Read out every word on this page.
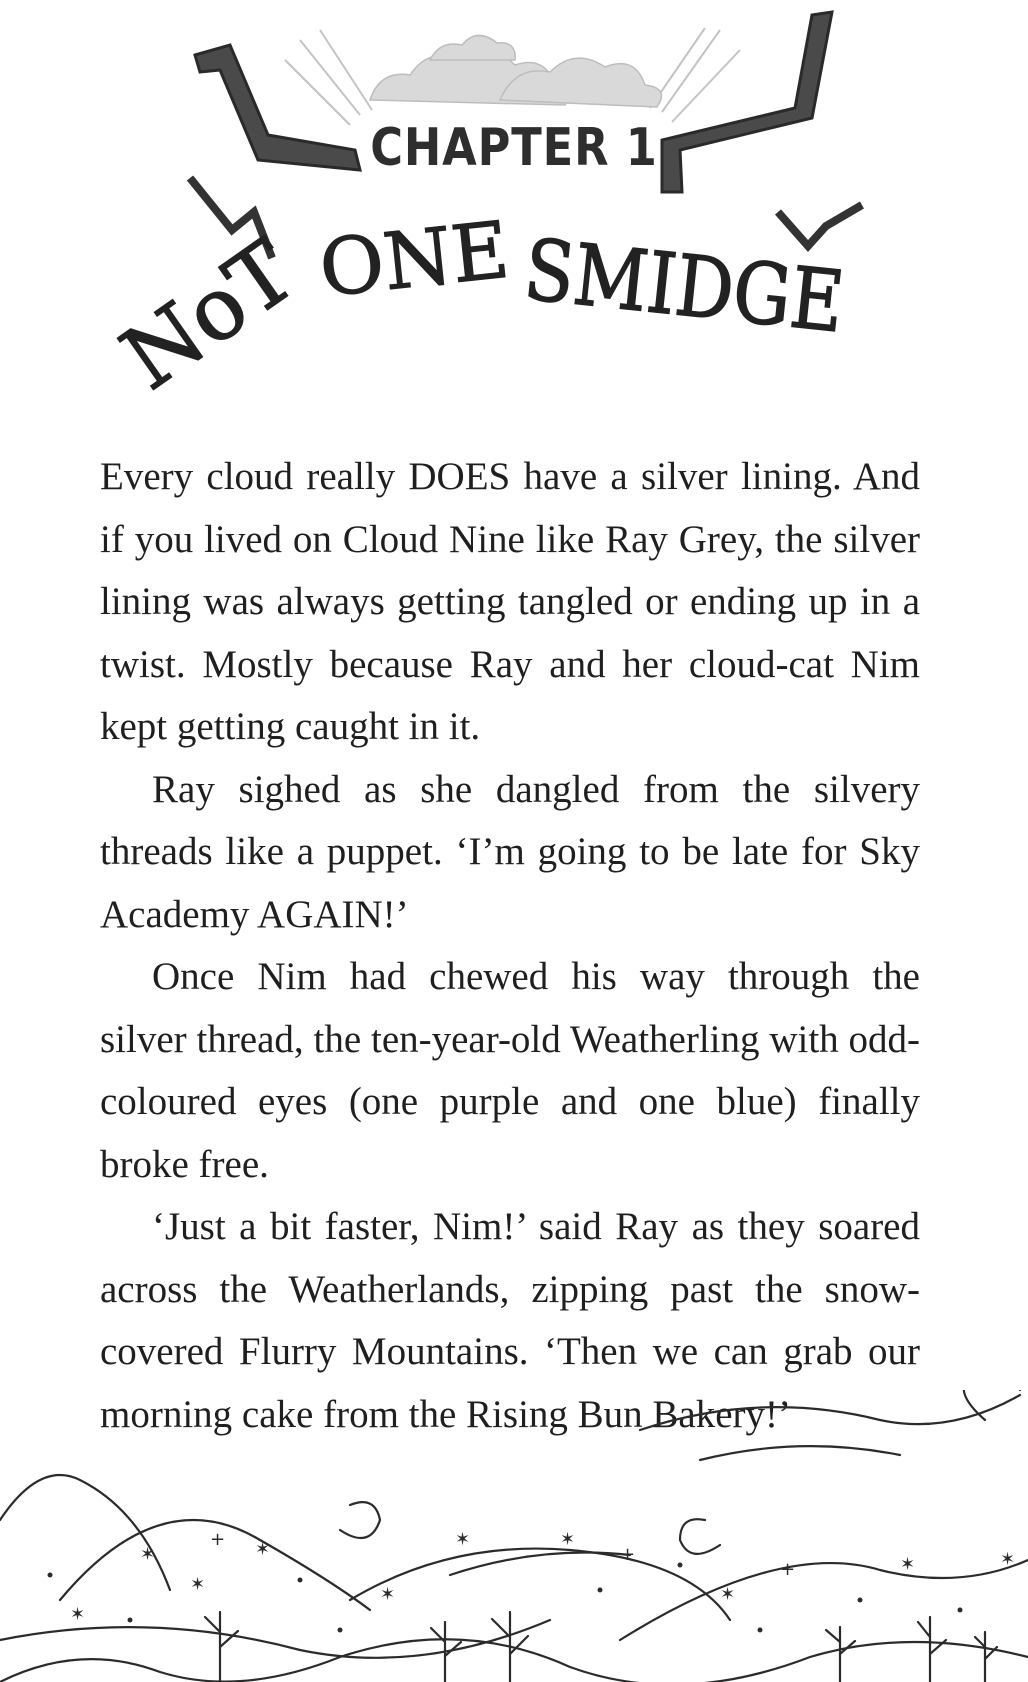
CHAPTER 1
NoT ONE SMIDGE

Every cloud really DOES have a silver lining. And if you lived on Cloud Nine like Ray Grey, the silver lining was always getting tangled or ending up in a twist. Mostly because Ray and her cloud-cat Nim kept getting caught in it.

Ray sighed as she dangled from the silvery threads like a puppet. ‘I’m going to be late for Sky Academy AGAIN!’

Once Nim had chewed his way through the silver thread, the ten-year-old Weatherling with odd-coloured eyes (one purple and one blue) finally broke free.

‘Just a bit faster, Nim!’ said Ray as they soared across the Weatherlands, zipping past the snow-covered Flurry Mountains. ‘Then we can grab our morning cake from the Rising Bun Bakery!’

✶
+ ✶
✶
✶
+
✶
✶
+	✶	✶
✶
✶
